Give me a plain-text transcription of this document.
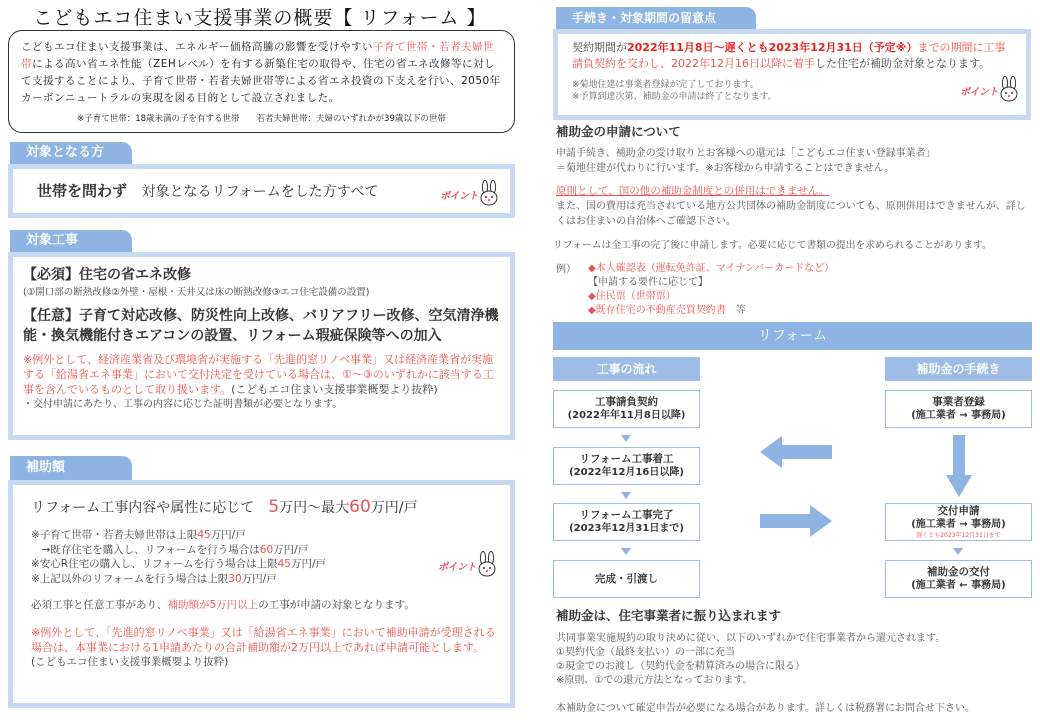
こどもエコ住まい支援事業の概要【 リフォーム 】

こどもエコ住まい支援事業は、エネルギー価格高騰の影響を受けやすい子育て世帯・若者夫婦世帯による高い省エネ性能（ZEHレベル）を有する新築住宅の取得や、住宅の省エネ改修等に対して支援することにより、子育て世帯・若者夫婦世帯等による省エネ投資の下支えを行い、2050年カーボンニュートラルの実現を図る目的として設立されました。

※子育て世帯：18歳未満の子を有する世帯　　若者夫婦世帯：夫婦のいずれかが39歳以下の世帯

対象となる方
世帯を問わず 対象となるリフォームをした方すべて	ポイント
対象工事
【必須】住宅の省エネ改修
(①開口部の断熱改修②外壁・屋根・天井又は床の断熱改修③エコ住宅設備の設置)
【任意】子育て対応改修、防災性向上改修、バリアフリー改修、空気清浄機能・換気機能付きエアコンの設置、リフォーム瑕疵保険等への加入
※例外として、経済産業省及び環境省が実施する「先進的窓リノベ事業」又は経済産業省が実施する「給湯省エネ事業」において交付決定を受けている場合は、①～③のいずれかに該当する工事を含んでいるものとして取り扱います。(こどもエコ住まい支援事業概要より抜粋)
・交付申請にあたり、工事の内容に応じた証明書類が必要となります。
補助額
リフォーム工事内容や属性に応じて　5万円～最大60万円/戸
※子育て世帯・若者夫婦世帯は上限45万円/戸
　→既存住宅を購入し、リフォームを行う場合は60万円/戸
※安心R住宅の購入し、リフォームを行う場合は上限45万円/戸
※上記以外のリフォームを行う場合は上限30万円/戸
必須工事と任意工事があり、補助額が5万円以上の工事が申請の対象となります。
※例外として、「先進的窓リノベ事業」又は「給湯省エネ事業」において補助申請が受理される場合は、本事業における1申請あたりの合計補助額が2万円以上であれば申請可能とします。
(こどもエコ住まい支援事業概要より抜粋)
ポイント
手続き・対象期間の留意点
契約期間が2022年11月8日～遅くとも2023年12月31日（予定※）までの期間に工事請負契約を交わし、2022年12月16日以降に着手した住宅が補助金対象となります。
※菊地住建は事業者登録が完了しております。
※予算到達次第、補助金の申請は終了となります。	ポイント
補助金の申請について
申請手続き、補助金の受け取りとお客様への還元は「こどもエコ住まい登録事業者」
＝菊地住建が代わりに行います。※お客様から申請することはできません。
原則として、国の他の補助金制度との併用はできません。
また、国の費用は充当されている地方公共団体の補助金制度についても、原則併用はできませんが、詳しくはお住まいの自治体へご確認下さい。
リフォームは全工事の完了後に申請します。必要に応じて書類の提出を求められることがあります。
例） ◆本人確認表（運転免許証、マイナンバーカードなど）
【申請する要件に応じて】
◆住民票（世帯票）
◆既存住宅の不動産売買契約書　等
リフォーム
工事の流れ	補助金の手続き
工事請負契約
(2022年年11月8日以降)
リフォーム工事着工
(2022年12月16日以降)
リフォーム工事完了
(2023年12月31日まで)
完成・引渡し
事業者登録
(施工業者 → 事務局)
交付申請
(施工業者 → 事務局)
遅くとも2023年12月31日まで
補助金の交付
(施工業者 ← 事務局)
補助金は、住宅事業者に振り込まれます
共同事業実施規約の取り決めに従い、以下のいずれかで住宅事業者から還元されます。
①契約代金（最終支払い）の一部に充当
②現金でのお渡し（契約代金を精算済みの場合に限る）
※原則、①での還元方法となっております。
本補助金について確定申告が必要になる場合があります。詳しくは税務署にお問合せ下さい。
